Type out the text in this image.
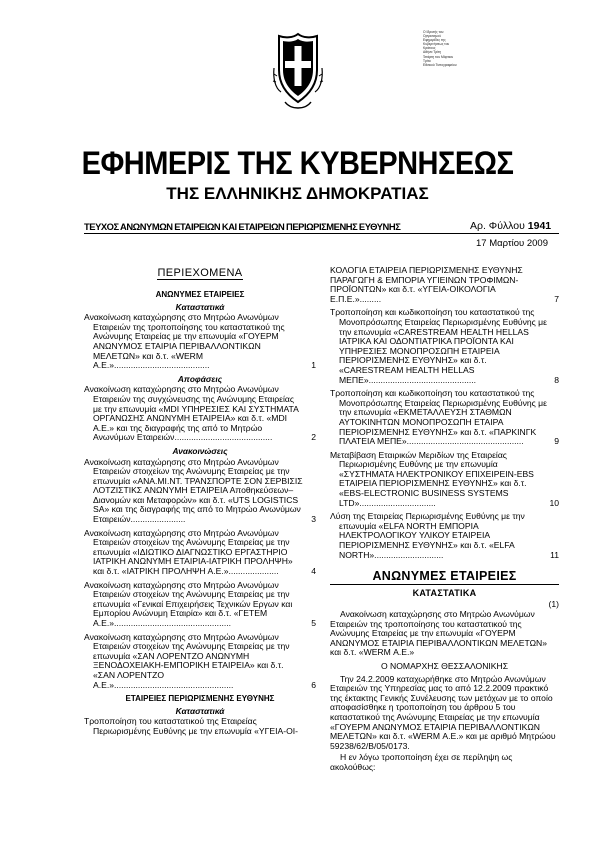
Ο Ιδρυτής του
Οργανισμού
Εφημερίδες της
Κυβερνήσεως του
Κράτους
Αθήνα Τρίτη
Τετάρτη του Μάρτιου
Τρίτο
Εθνικού Τυπογραφείου
ΕΦΗΜΕΡΙΣ ΤΗΣ ΚΥΒΕΡΝΗΣΕΩΣ
ΤΗΣ ΕΛΛΗΝΙΚΗΣ ΔΗΜΟΚΡΑΤΙΑΣ
ΤΕΥΧΟΣ ΑΝΩΝΥΜΩΝ ΕΤΑΙΡΕΙΩΝ ΚΑΙ ΕΤΑΙΡΕΙΩΝ ΠΕΡΙΩΡΙΣΜΕΝΗΣ ΕΥΘΥΝΗΣ	Αρ. Φύλλου 1941
17 Μαρτίου 2009
ΠΕΡΙΕΧΟΜΕΝΑ
ΑΝΩΝΥΜΕΣ ΕΤΑΙΡΕΙΕΣ
Καταστατικά
Ανακοίνωση καταχώρησης στο Μητρώο Ανωνύμων Εταιρειών της τροποποίησης του καταστατικού της Ανώνυμης Εταιρείας με την επωνυμία «ΓΟΥΕΡΜ ΑΝΩΝΥΜΟΣ ΕΤΑΙΡΙΑ ΠΕΡΙΒΑΛΛΟΝΤΙΚΩΝ ΜΕΛΕΤΩΝ» και δ.τ. «WERM Α.Ε.»........................................	1
Αποφάσεις
Ανακοίνωση καταχώρησης στο Μητρώο Ανωνύμων Εταιρειών της συγχώνευσης της Ανώνυμης Εταιρείας με την επωνυμία «ΜDI ΥΠΗΡΕΣΙΕΣ ΚΑΙ ΣΥΣΤΗΜΑΤΑ ΟΡΓΑΝΩΣΗΣ ΑΝΩΝΥΜΗ ΕΤΑΙΡΕΙΑ» και δ.τ. «ΜDI Α.Ε.» και της διαγραφής της από το Μητρώο Ανωνύμων Εταιρειών.........................................	2
Ανακοινώσεις
Ανακοίνωση καταχώρησης στο Μητρώο Ανωνύμων Εταιρειών στοιχείων της Ανώνυμης Εταιρείας με την επωνυμία «ΑΝΑ.ΜΙ.ΝΤ. ΤΡΑΝΣΠΟΡΤΕ ΣΟΝ ΣΕΡΒΙΣΙΣ ΛΟΤΖΙΣΤΙΚΣ ΑΝΩΝΥΜΗ ΕΤΑΙΡΕΙΑ Αποθηκεύσεων–Διανομών και Μεταφορών» και δ.τ. «UTS LOGISTICS SA» και της διαγραφής της από το Μητρώο Ανωνύμων Εταιρειών.......................	3
Ανακοίνωση καταχώρησης στο Μητρώο Ανωνύμων Εταιρειών στοιχείων της Ανώνυμης Εταιρείας με την επωνυμία «ΙΔΙΩΤΙΚΟ ΔΙΑΓΝΩΣΤΙΚΟ ΕΡΓΑΣΤΗΡΙΟ ΙΑΤΡΙΚΗ ΑΝΩΝΥΜΗ ΕΤΑΙΡΙΑ-ΙΑΤΡΙΚΗ ΠΡΟΛΗΨΗ» και δ.τ. «ΙΑΤΡΙΚΗ ΠΡΟΛΗΨΗ Α.Ε.».....................	4
Ανακοίνωση καταχώρησης στο Μητρώο Ανωνύμων Εταιρειών στοιχείων της Ανώνυμης Εταιρείας με την επωνυμία «Γενικαί Επιχειρήσεις Τεχνικών Εργων και Εμπορίου Ανώνυμη Εταιρία» και δ.τ. «ΓΕΤΕΜ Α.Ε.».................................................	5
Ανακοίνωση καταχώρησης στο Μητρώο Ανωνύμων Εταιρειών στοιχείων της Ανώνυμης Εταιρείας με την επωνυμία «ΣΑΝ ΛΟΡΕΝΤΖΟ ΑΝΩΝΥΜΗ ΞΕΝΟΔΟΧΕΙΑΚΗ-ΕΜΠΟΡΙΚΗ ΕΤΑΙΡΕΙΑ» και δ.τ. «ΣΑΝ ΛΟΡΕΝΤΖΟ Α.Ε.»..................................................	6
ΕΤΑΙΡΕΙΕΣ ΠΕΡΙΩΡΙΣΜΕΝΗΣ ΕΥΘΥΝΗΣ
Καταστατικά
Τροποποίηση του καταστατικού της Εταιρείας Περιωρισμένης Ευθύνης με την επωνυμία «ΥΓΕΙΑ-ΟΙ-
ΚΟΛΟΓΙΑ ΕΤΑΙΡΕΙΑ ΠΕΡΙΩΡΙΣΜΕΝΗΣ ΕΥΘΥΝΗΣ ΠΑΡΑΓΩΓΗ & ΕΜΠΟΡΙΑ ΥΓΙΕΙΝΩΝ ΤΡΟΦΙΜΩΝ-ΠΡΟΪΟΝΤΩΝ» και δ.τ. «ΥΓΕΙΑ-ΟΙΚΟΛΟΓΙΑ Ε.Π.Ε.».........	7
Τροποποίηση και κωδικοποίηση του καταστατικού της Μονοπρόσωπης Εταιρείας Περιωρισμένης Ευθύνης με την επωνυμία «CARESTREAM HEALTH HELLAS ΙΑΤΡΙΚΑ ΚΑΙ ΟΔΟΝΤΙΑΤΡΙΚΑ ΠΡΟΪΟΝΤΑ ΚΑΙ ΥΠΗΡΕΣΙΕΣ ΜΟΝΟΠΡΟΣΩΠΗ ΕΤΑΙΡΕΙΑ ΠΕΡΙΟΡΙΣΜΕΝΗΣ ΕΥΘΥΝΗΣ» και δ.τ. «CARESTREAM HEALTH HELLAS ΜΕΠΕ».............................................	8
Τροποποίηση και κωδικοποίηση του καταστατικού της Μονοπρόσωπης Εταιρείας Περιωρισμένης Ευθύνης με την επωνυμία «ΕΚΜΕΤΑΛΛΕΥΣΗ ΣΤΑΘΜΩΝ ΑΥΤΟΚΙΝΗΤΩΝ ΜΟΝΟΠΡΟΣΩΠΗ ΕΤΑΙΡΑ ΠΕΡΙΟΡΙΣΜΕΝΗΣ ΕΥΘΥΝΗΣ» και δ.τ. «ΠΑΡΚΙΝΓΚ ΠΛΑΤΕΙΑ ΜΕΠΕ».................................................	9
Μεταβίβαση Εταιρικών Μεριδίων της Εταιρείας Περιωρισμένης Ευθύνης με την επωνυμία «ΣΥΣΤΗΜΑΤΑ ΗΛΕΚΤΡΟΝΙΚΟΥ ΕΠΙΧΕΙΡΕΙΝ-EBS ΕΤΑΙΡΕΙΑ ΠΕΡΙΟΡΙΣΜΕΝΗΣ ΕΥΘΥΝΗΣ» και δ.τ. «EBS-ELECTRONIC BUSINESS SYSTEMS LTD»................................	10
Λύση της Εταιρείας Περιωρισμένης Ευθύνης με την επωνυμία «ELFA NORTH ΕΜΠΟΡΙΑ ΗΛΕΚΤΡΟΛΟΓΙΚΟΥ ΥΛΙΚΟΥ ΕΤΑΙΡΕΙΑ ΠΕΡΙΟΡΙΣΜΕΝΗΣ ΕΥΘΥΝΗΣ» και δ.τ. «ELFA NORTH».............................	11
ΑΝΩΝΥΜΕΣ ΕΤΑΙΡΕΙΕΣ
ΚΑΤΑΣΤΑΤΙΚΑ
(1)
Ανακοίνωση καταχώρησης στο Μητρώο Ανωνύμων Εταιρειών της τροποποίησης του καταστατικού της Ανώνυμης Εταιρείας με την επωνυμία «ΓΟΥΕΡΜ ΑΝΩΝΥΜΟΣ ΕΤΑΙΡΙΑ ΠΕΡΙΒΑΛΛΟΝΤΙΚΩΝ ΜΕΛΕΤΩΝ» και δ.τ. «WERM Α.Ε.»
Ο ΝΟΜΑΡΧΗΣ ΘΕΣΣΑΛΟΝΙΚΗΣ
Την 24.2.2009 καταχωρήθηκε στο Μητρώο Ανωνύμων Εταιρειών της Υπηρεσίας μας το από 12.2.2009 πρακτικό της έκτακτης Γενικής Συνέλευσης των μετόχων με το οποίο αποφασίσθηκε η τροποποίηση του άρθρου 5 του καταστατικού της Ανώνυμης Εταιρείας με την επωνυμία «ΓΟΥΕΡΜ ΑΝΩΝΥΜΟΣ ΕΤΑΙΡΙΑ ΠΕΡΙΒΑΛΛΟΝΤΙΚΩΝ ΜΕΛΕΤΩΝ» και δ.τ. «WERM Α.Ε.» και με αριθμό Μητρώου 59238/62/Β/05/0173.
Η εν λόγω τροποποίηση έχει σε περίληψη ως ακολούθως:
